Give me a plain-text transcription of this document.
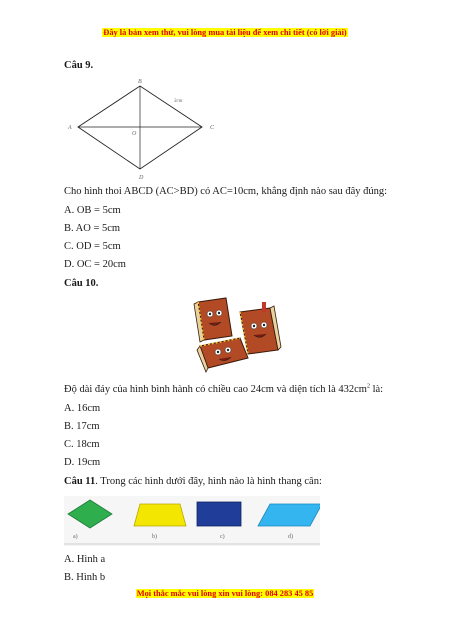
Đây là bản xem thử, vui lòng mua tài liệu để xem chi tiết (có lời giải)
Câu 9.
B
A	C
D
O
3cm
Cho hình thoi ABCD (AC>BD) có AC=10cm, khẳng định nào sau đây đúng:
A. OB = 5cm
B. AO = 5cm
C. OD = 5cm
D. OC = 20cm
Câu 10.
Độ dài đáy của hình bình hành có chiều cao 24cm và diện tích là $432cm^2$ là:
A. 16cm
B. 17cm
C. 18cm
D. 19cm
Câu 11. Trong các hình dưới đây, hình nào là hình thang cân:
a)	b)	c)	d)
A. Hình a
B. Hình b
Mọi thắc mắc vui lòng xin vui lòng: 084 283 45 85
